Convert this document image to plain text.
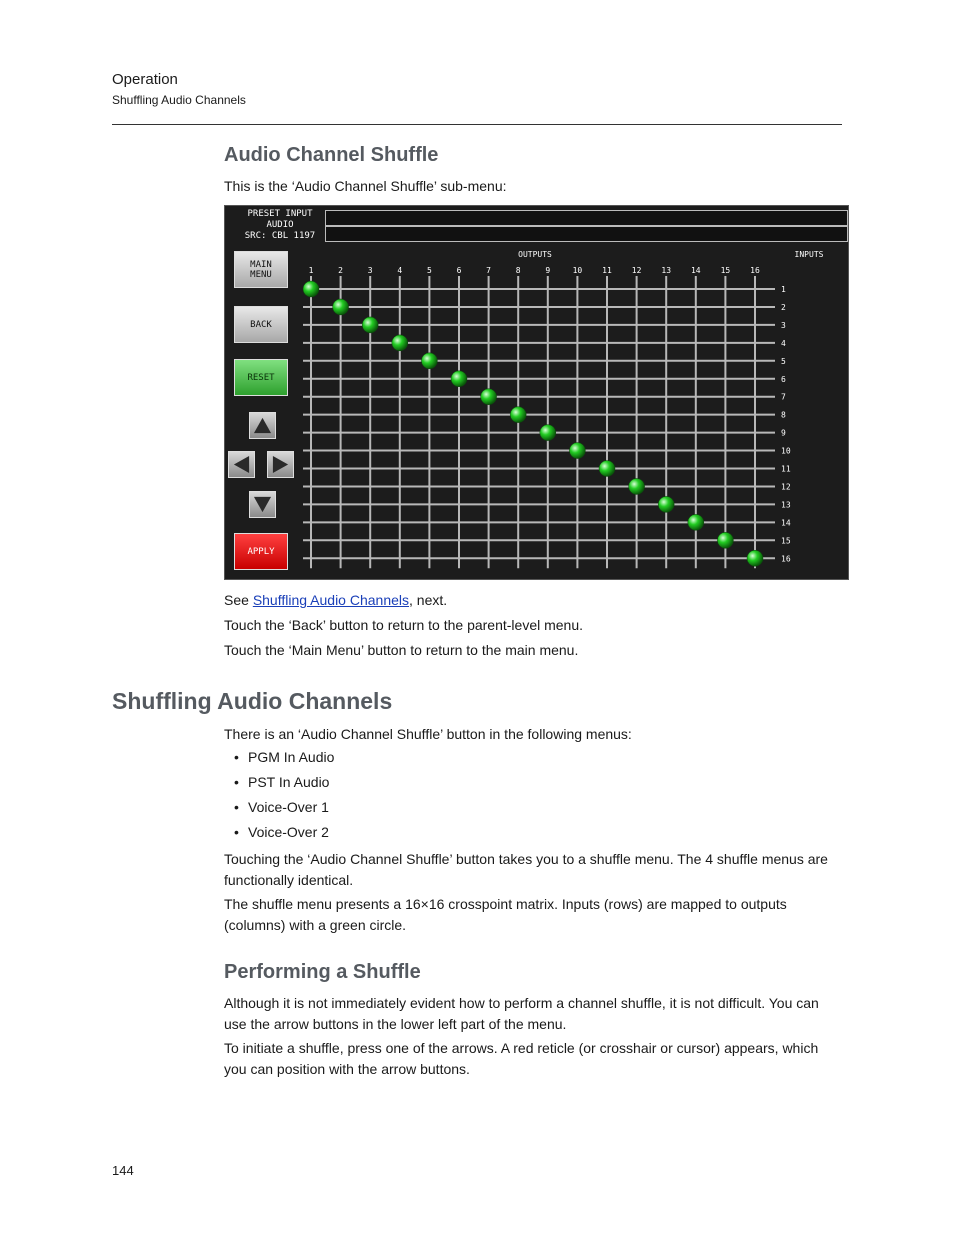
Operation
Shuffling Audio Channels
Audio Channel Shuffle
This is the ‘Audio Channel Shuffle’ sub-menu:
PRESET INPUT
AUDIO
SRC: CBL 1197
MAIN
MENU
BACK
RESET
APPLY
OUTPUTS	INPUTS
1	2	3	4	5	6	7	8	9	10 11 12 13 14 15 16
1
2
3
4
5
6
7
8
9
10
11
12
13
14
15
16
See Shuffling Audio Channels, next.
Touch the ‘Back’ button to return to the parent-level menu.
Touch the ‘Main Menu’ button to return to the main menu.
Shuffling Audio Channels
There is an ‘Audio Channel Shuffle’ button in the following menus:
• PGM In Audio
• PST In Audio
• Voice-Over 1
• Voice-Over 2
Touching the ‘Audio Channel Shuffle’ button takes you to a shuffle menu. The 4 shuffle menus are functionally identical.
The shuffle menu presents a 16×16 crosspoint matrix. Inputs (rows) are mapped to outputs (columns) with a green circle.
Performing a Shuffle
Although it is not immediately evident how to perform a channel shuffle, it is not difficult. You can use the arrow buttons in the lower left part of the menu.
To initiate a shuffle, press one of the arrows. A red reticle (or crosshair or cursor) appears, which you can position with the arrow buttons.
144
